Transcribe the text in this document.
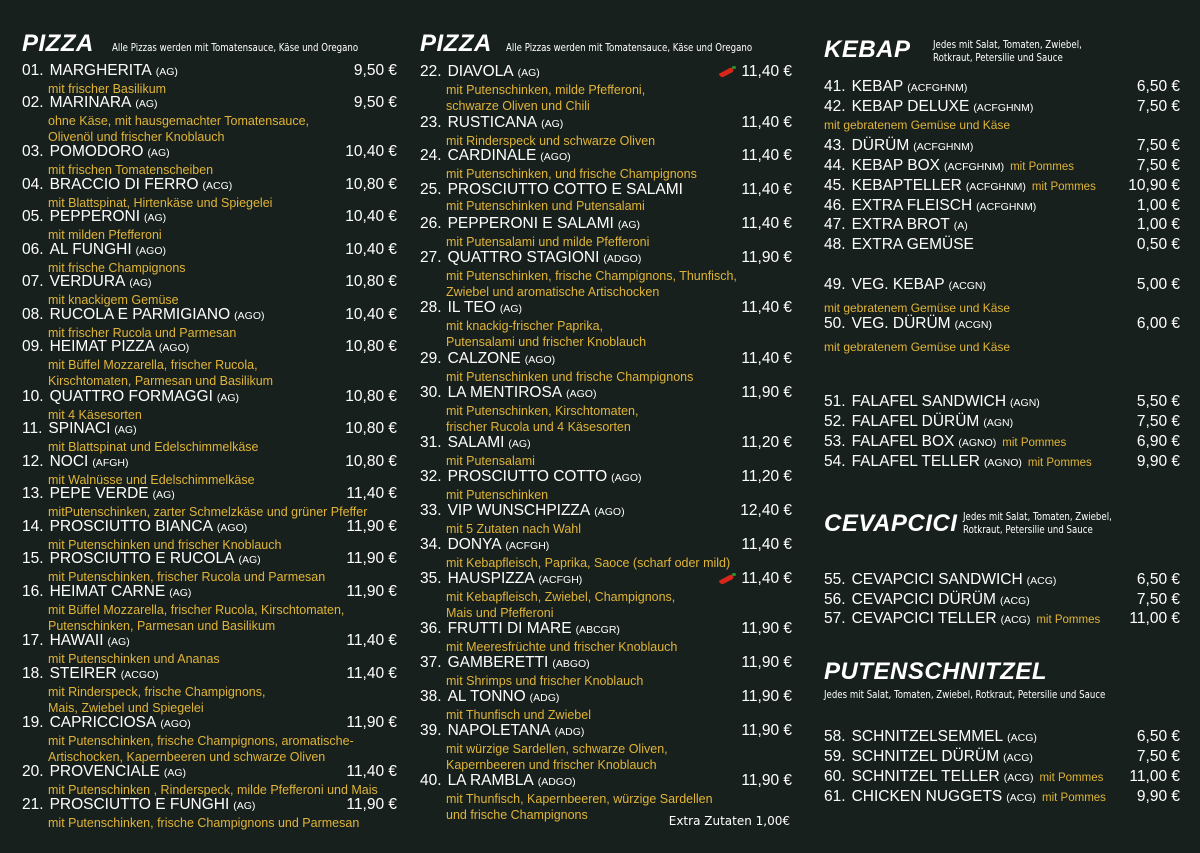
PIZZA Alle Pizzas werden mit Tomatensauce, Käse und Oregano
01. MARGHERITA (AG)	9,50 €
mit frischer Basilikum
02. MARINARA (AG)	9,50 €
ohne Käse, mit hausgemachter Tomatensauce,
Olivenöl und frischer Knoblauch
03. POMODORO (AG)	10,40 €
mit frischen Tomatenscheiben
04. BRACCIO DI FERRO (ACG)	10,80 €
mit Blattspinat, Hirtenkäse und Spiegelei
05. PEPPERONI (AG)	10,40 €
mit milden Pfefferoni
06. AL FUNGHI (AGO)	10,40 €
mit frische Champignons
07. VERDURA (AG)	10,80 €
mit knackigem Gemüse
08. RUCOLA E PARMIGIANO (AGO)	10,40 €
mit frischer Rucola und Parmesan
09. HEIMAT PIZZA (AGO)	10,80 €
mit Büffel Mozzarella, frischer Rucola,
Kirschtomaten, Parmesan und Basilikum
10. QUATTRO FORMAGGI (AG)	10,80 €
mit 4 Käsesorten
11. SPINACI (AG)	10,80 €
mit Blattspinat und Edelschimmelkäse
12. NOCI (AFGH)	10,80 €
mit Walnüsse und Edelschimmelkäse
13. PEPE VERDE (AG)	11,40 €
mitPutenschinken, zarter Schmelzkäse und grüner Pfeffer
14. PROSCIUTTO BIANCA (AGO)	11,90 €
mit Putenschinken und frischer Knoblauch
15. PROSCIUTTO E RUCOLA (AG)	11,90 €
mit Putenschinken, frischer Rucola und Parmesan
16. HEIMAT CARNE (AG)	11,90 €
mit Büffel Mozzarella, frischer Rucola, Kirschtomaten,
Putenschinken, Parmesan und Basilikum
17. HAWAII (AG)	11,40 €
mit Putenschinken und Ananas
18. STEIRER (ACGO)	11,40 €
mit Rinderspeck, frische Champignons,
Mais, Zwiebel und Spiegelei
19. CAPRICCIOSA (AGO)	11,90 €
mit Putenschinken, frische Champignons, aromatische-
Artischocken, Kapernbeeren und schwarze Oliven
20. PROVENCIALE (AG)	11,40 €
mit Putenschinken , Rinderspeck, milde Pfefferoni und Mais
21. PROSCIUTTO E FUNGHI (AG)	11,90 €
mit Putenschinken, frische Champignons und Parmesan
PIZZA Alle Pizzas werden mit Tomatensauce, Käse und Oregano
22. DIAVOLA (AG)	11,40 €
mit Putenschinken, milde Pfefferoni,
schwarze Oliven und Chili
23. RUSTICANA (AG)	11,40 €
mit Rinderspeck und schwarze Oliven
24. CARDINALE (AGO)	11,40 €
mit Putenschinken, und frische Champignons
25. PROSCIUTTO COTTO E SALAMI	11,40 €
mit Putenschinken und Putensalami
26. PEPPERONI E SALAMI (AG)	11,40 €
mit Putensalami und milde Pfefferoni
27. QUATTRO STAGIONI (ADGO)	11,90 €
mit Putenschinken, frische Champignons, Thunfisch,
Zwiebel und aromatische Artischocken
28. IL TEO (AG)	11,40 €
mit knackig-frischer Paprika,
Putensalami und frischer Knoblauch
29. CALZONE (AGO)	11,40 €
mit Putenschinken und frische Champignons
30. LA MENTIROSA (AGO)	11,90 €
mit Putenschinken, Kirschtomaten,
frischer Rucola und 4 Käsesorten
31. SALAMI (AG)	11,20 €
mit Putensalami
32. PROSCIUTTO COTTO (AGO)	11,20 €
mit Putenschinken
33. VIP WUNSCHPIZZA (AGO)	12,40 €
mit 5 Zutaten nach Wahl
34. DONYA (ACFGH)	11,40 €
mit Kebapfleisch, Paprika, Saoce (scharf oder mild)
35. HAUSPIZZA (ACFGH)	11,40 €
mit Kebapfleisch, Zwiebel, Champignons,
Mais und Pfefferoni
36. FRUTTI DI MARE (ABCGR)	11,90 €
mit Meeresfrüchte und frischer Knoblauch
37. GAMBERETTI (ABGO)	11,90 €
mit Shrimps und frischer Knoblauch
38. AL TONNO (ADG)	11,90 €
mit Thunfisch und Zwiebel
39. NAPOLETANA (ADG)	11,90 €
mit würzige Sardellen, schwarze Oliven,
Kapernbeeren und frischer Knoblauch
40. LA RAMBLA (ADGO)	11,90 €
mit Thunfisch, Kapernbeeren, würzige Sardellen
und frische Champignons	Extra Zutaten 1,00€
KEBAP Jedes mit Salat, Tomaten, Zwiebel,
Rotkraut, Petersilie und Sauce
41. KEBAP (ACFGHNM)	6,50 €
42. KEBAP DELUXE (ACFGHNM)	7,50 €
mit gebratenem Gemüse und Käse
43. DÜRÜM (ACFGHNM)	7,50 €
44. KEBAP BOX (ACFGHNM) mit Pommes	7,50 €
45. KEBAPTELLER (ACFGHNM) mit Pommes 10,90 €
46. EXTRA FLEISCH (ACFGHNM)	1,00 €
47. EXTRA BROT (A)	1,00 €
48. EXTRA GEMÜSE	0,50 €
49. VEG. KEBAP (ACGN)	5,00 €
mit gebratenem Gemüse und Käse
50. VEG. DÜRÜM (ACGN)	6,00 €
mit gebratenem Gemüse und Käse
51. FALAFEL SANDWICH (AGN)	5,50 €
52. FALAFEL DÜRÜM (AGN)	7,50 €
53. FALAFEL BOX (AGNO) mit Pommes	6,90 €
54. FALAFEL TELLER (AGNO) mit Pommes	9,90 €
CEVAPCICI Jedes mit Salat, Tomaten, Zwiebel,
Rotkraut, Petersilie und Sauce
55. CEVAPCICI SANDWICH (ACG)	6,50 €
56. CEVAPCICI DÜRÜM (ACG)	7,50 €
57. CEVAPCICI TELLER (ACG) mit Pommes 11,00 €
PUTENSCHNITZEL
Jedes mit Salat, Tomaten, Zwiebel, Rotkraut, Petersilie und Sauce
58. SCHNITZELSEMMEL (ACG)	6,50 €
59. SCHNITZEL DÜRÜM (ACG)	7,50 €
60. SCHNITZEL TELLER (ACG) mit Pommes 11,00 €
61. CHICKEN NUGGETS (ACG) mit Pommes 9,90 €
